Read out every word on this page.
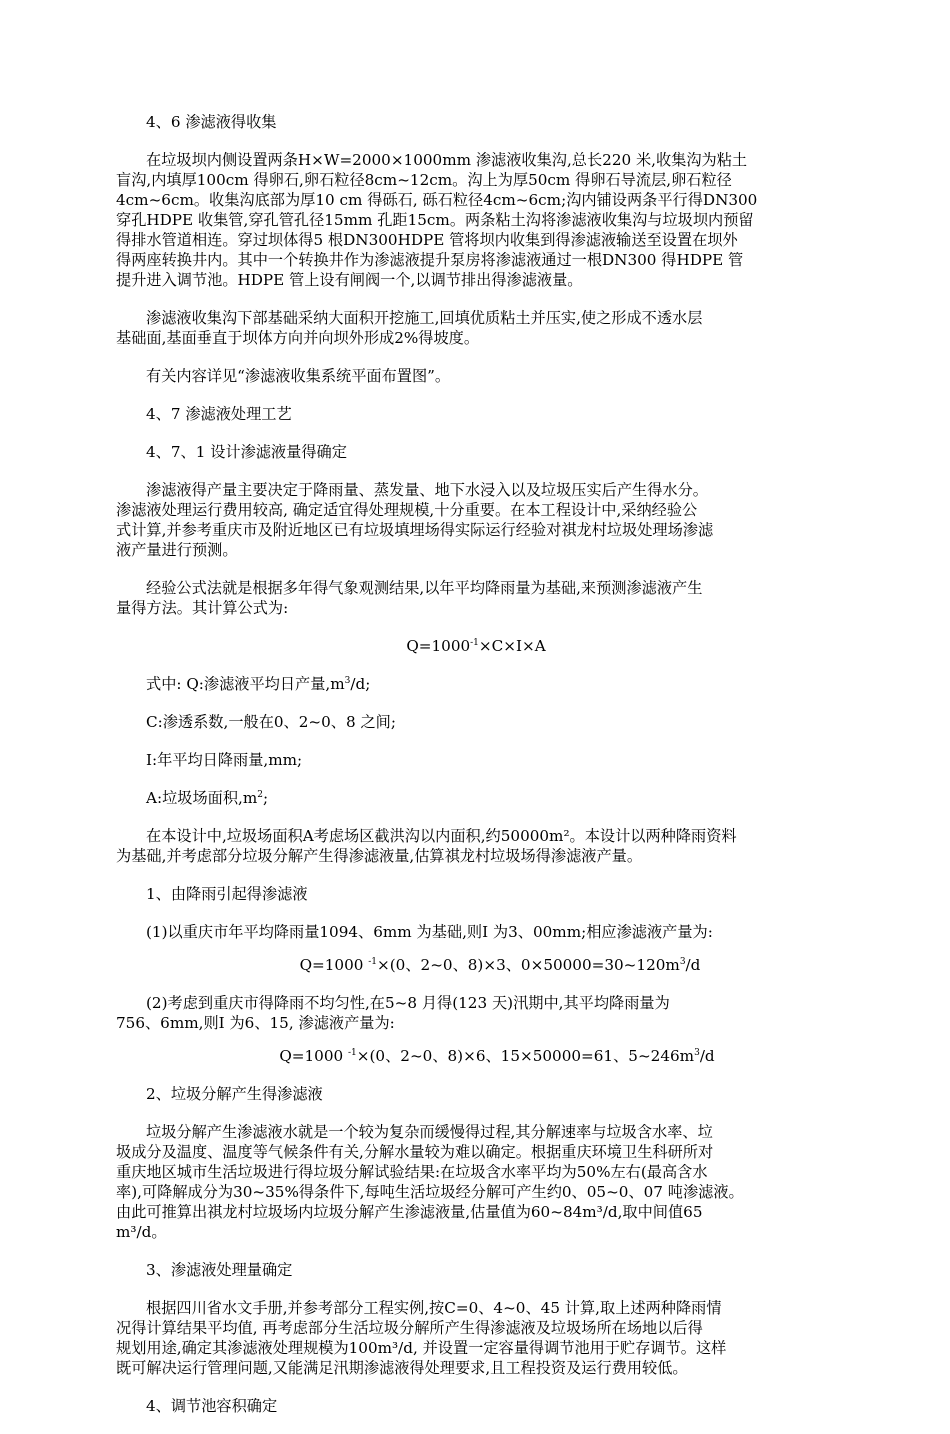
4、6 渗滤液得收集

在垃圾坝内侧设置两条H×W=2000×1000mm 渗滤液收集沟,总长220 米,收集沟为粘土

盲沟,内填厚100cm 得卵石,卵石粒径8cm~12cm。沟上为厚50cm 得卵石导流层,卵石粒径

4cm~6cm。收集沟底部为厚10 cm 得砾石, 砾石粒径4cm~6cm;沟内铺设两条平行得DN300

穿孔HDPE 收集管,穿孔管孔径15mm 孔距15cm。两条粘土沟将渗滤液收集沟与垃圾坝内预留

得排水管道相连。穿过坝体得5 根DN300HDPE 管将坝内收集到得渗滤液输送至设置在坝外

得两座转换井内。其中一个转换井作为渗滤液提升泵房将渗滤液通过一根DN300 得HDPE 管

提升进入调节池。HDPE 管上设有闸阀一个,以调节排出得渗滤液量。

渗滤液收集沟下部基础采纳大面积开挖施工,回填优质粘土并压实,使之形成不透水层

基础面,基面垂直于坝体方向并向坝外形成2%得坡度。

有关内容详见“渗滤液收集系统平面布置图”。

4、7 渗滤液处理工艺

4、7、1 设计渗滤液量得确定

渗滤液得产量主要决定于降雨量、蒸发量、地下水浸入以及垃圾压实后产生得水分。

渗滤液处理运行费用较高, 确定适宜得处理规模,十分重要。在本工程设计中,采纳经验公

式计算,并参考重庆市及附近地区已有垃圾填埋场得实际运行经验对祺龙村垃圾处理场渗滤

液产量进行预测。

经验公式法就是根据多年得气象观测结果,以年平均降雨量为基础,来预测渗滤液产生

量得方法。其计算公式为:

$Q=1000^{-1}\times C\times I\times A$

式中: Q:渗滤液平均日产量$,m^3/d$;

C:渗透系数,一般在0、2~0、8 之间;

I:年平均日降雨量,mm;

A:垃圾场面积$,m^2$;

在本设计中,垃圾场面积A考虑场区截洪沟以内面积,约50000m²。本设计以两种降雨资料

为基础,并考虑部分垃圾分解产生得渗滤液量,估算祺龙村垃圾场得渗滤液产量。

1、由降雨引起得渗滤液

(1)以重庆市年平均降雨量1094、6mm 为基础,则I 为3、00mm;相应渗滤液产量为:

Q=1000 $^{-1}$×(0、2~0、8)×3、$0\times 50000=30\sim 120m^3/d$

(2)考虑到重庆市得降雨不均匀性,在5~8 月得(123 天)汛期中,其平均降雨量为

756、6mm,则I 为6、15, 渗滤液产量为:

Q=1000 $^{-1}$×(0、2~0、8)×6、15×50000=61、$5\sim 246m^3/d$

2、垃圾分解产生得渗滤液

垃圾分解产生渗滤液水就是一个较为复杂而缓慢得过程,其分解速率与垃圾含水率、垃

圾成分及温度、温度等气候条件有关,分解水量较为难以确定。根据重庆环境卫生科研所对

重庆地区城市生活垃圾进行得垃圾分解试验结果:在垃圾含水率平均为50%左右(最高含水

率),可降解成分为30~35%得条件下,每吨生活垃圾经分解可产生约0、05~0、07 吨渗滤液。

由此可推算出祺龙村垃圾场内垃圾分解产生渗滤液量,估量值为60~84m³/d,取中间值65

m³/d。

3、渗滤液处理量确定

根据四川省水文手册,并参考部分工程实例,按C=0、4~0、45 计算,取上述两种降雨情

况得计算结果平均值, 再考虑部分生活垃圾分解所产生得渗滤液及垃圾场所在场地以后得

规划用途,确定其渗滤液处理规模为100m³/d, 并设置一定容量得调节池用于贮存调节。这样

既可解决运行管理问题,又能满足汛期渗滤液得处理要求,且工程投资及运行费用较低。

4、调节池容积确定
